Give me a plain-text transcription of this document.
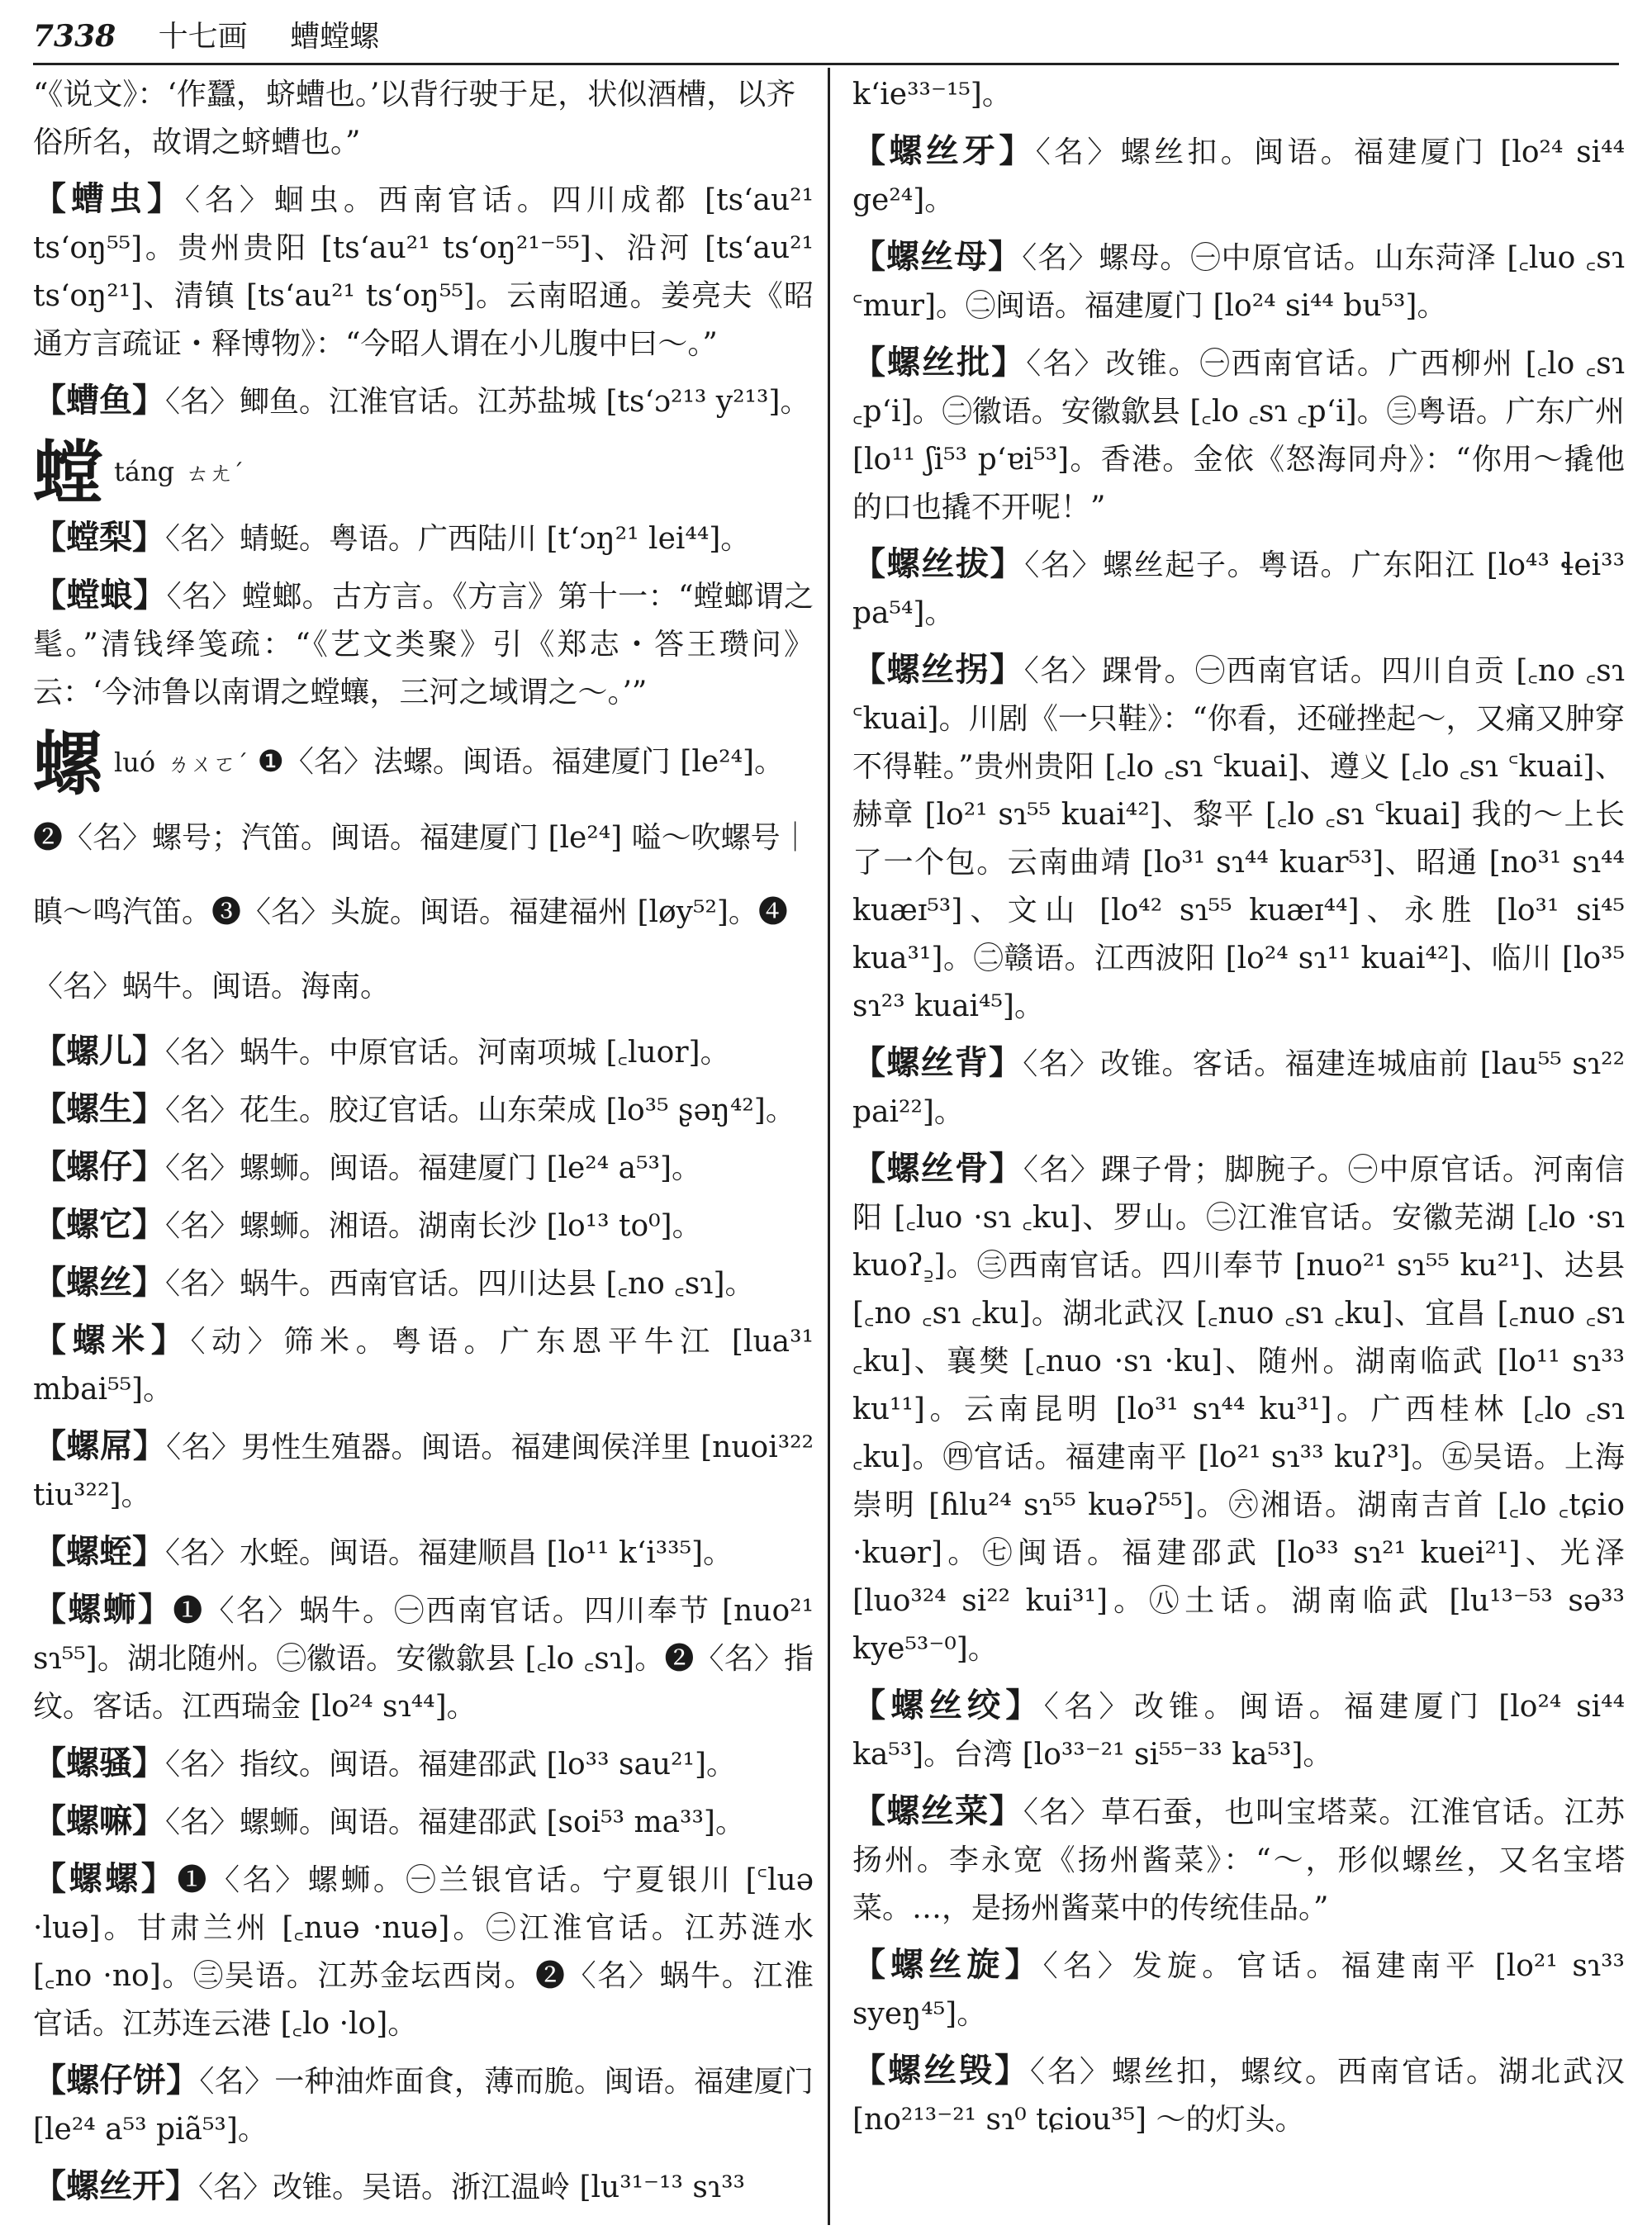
7338 十七画 螬螳螺
“《说文》：‘作蠶，蛴螬也。’以背行驶于足，状似酒槽，以齐俗所名，故谓之蛴螬也。”
【螬虫】〈名〉蛔虫。西南官话。四川成都 [ts‘au²¹ ts‘oŋ⁵⁵]。贵州贵阳 [ts‘au²¹ ts‘oŋ²¹⁻⁵⁵]、沿河 [ts‘au²¹ ts‘oŋ²¹]、清镇 [ts‘au²¹ ts‘oŋ⁵⁵]。云南昭通。姜亮夫《昭通方言疏证・释博物》：“今昭人谓在小儿腹中曰～。”
【螬鱼】〈名〉鲫鱼。江淮官话。江苏盐城 [ts‘ɔ²¹³ y²¹³]。
螳táng ㄊㄤˊ
【螳梨】〈名〉蜻蜓。粤语。广西陆川 [t‘ɔŋ²¹ lei⁴⁴]。
【螳蜋】〈名〉螳螂。古方言。《方言》第十一：“螳螂谓之髦。”清钱绎笺疏：“《艺文类聚》引《郑志・答王瓒问》云：‘今沛鲁以南谓之螳蠰，三河之域谓之～。’”
螺luó ㄌㄨㄛˊ ❶〈名〉法螺。闽语。福建厦门 [le²⁴]。❷〈名〉螺号；汽笛。闽语。福建厦门 [le²⁴] 嗌～吹螺号｜瞋～鸣汽笛。❸〈名〉头旋。闽语。福建福州 [løy⁵²]。❹〈名〉蜗牛。闽语。海南。
【螺儿】〈名〉蜗牛。中原官话。河南项城 [꜀luor]。
【螺生】〈名〉花生。胶辽官话。山东荣成 [lo³⁵ ʂəŋ⁴²]。
【螺仔】〈名〉螺蛳。闽语。福建厦门 [le²⁴ a⁵³]。
【螺它】〈名〉螺蛳。湘语。湖南长沙 [lo¹³ to⁰]。
【螺丝】〈名〉蜗牛。西南官话。四川达县 [꜀no ꜀sɿ]。
【螺米】〈动〉筛米。粤语。广东恩平牛江 [lua³¹ mbai⁵⁵]。
【螺屌】〈名〉男性生殖器。闽语。福建闽侯洋里 [nuoi³²² tiu³²²]。
【螺蛭】〈名〉水蛭。闽语。福建顺昌 [lo¹¹ k‘i³³⁵]。
【螺蛳】❶〈名〉蜗牛。㊀西南官话。四川奉节 [nuo²¹ sɿ⁵⁵]。湖北随州。㊁徽语。安徽歙县 [꜀lo ꜀sɿ]。❷〈名〉指纹。客话。江西瑞金 [lo²⁴ sɿ⁴⁴]。
【螺骚】〈名〉指纹。闽语。福建邵武 [lo³³ sau²¹]。
【螺嘛】〈名〉螺蛳。闽语。福建邵武 [soi⁵³ ma³³]。
【螺螺】❶〈名〉螺蛳。㊀兰银官话。宁夏银川 [꜂luə ·luə]。甘肃兰州 [꜀nuə ·nuə]。㊁江淮官话。江苏涟水 [꜀no ·no]。㊂吴语。江苏金坛西岗。❷〈名〉蜗牛。江淮官话。江苏连云港 [꜀lo ·lo]。
【螺仔饼】〈名〉一种油炸面食，薄而脆。闽语。福建厦门 [le²⁴ a⁵³ piã⁵³]。
【螺丝开】〈名〉改锥。吴语。浙江温岭 [lu³¹⁻¹³ sɿ³³
k‘ie³³⁻¹⁵]。
【螺丝牙】〈名〉螺丝扣。闽语。福建厦门 [lo²⁴ si⁴⁴ ge²⁴]。
【螺丝母】〈名〉螺母。㊀中原官话。山东菏泽 [꜀luo ꜀sɿ ꜂mur]。㊁闽语。福建厦门 [lo²⁴ si⁴⁴ bu⁵³]。
【螺丝批】〈名〉改锥。㊀西南官话。广西柳州 [꜀lo ꜀sɿ ꜀p‘i]。㊁徽语。安徽歙县 [꜀lo ꜀sɿ ꜀p‘i]。㊂粤语。广东广州 [lo¹¹ ʃi⁵³ p‘ɐi⁵³]。香港。金依《怒海同舟》：“你用～撬他的口也撬不开呢！”
【螺丝拔】〈名〉螺丝起子。粤语。广东阳江 [lo⁴³ ɬei³³ pa⁵⁴]。
【螺丝拐】〈名〉踝骨。㊀西南官话。四川自贡 [꜀no ꜀sɿ ꜂kuai]。川剧《一只鞋》：“你看，还碰挫起～，又痛又肿穿不得鞋。”贵州贵阳 [꜀lo ꜀sɿ ꜂kuai]、遵义 [꜀lo ꜀sɿ ꜂kuai]、赫章 [lo²¹ sɿ⁵⁵ kuai⁴²]、黎平 [꜀lo ꜀sɿ ꜂kuai] 我的～上长了一个包。云南曲靖 [lo³¹ sɿ⁴⁴ kuar⁵³]、昭通 [no³¹ sɿ⁴⁴ kuæɪ⁵³]、文山 [lo⁴² sɿ⁵⁵ kuæɪ⁴⁴]、永胜 [lo³¹ si⁴⁵ kua³¹]。㊁赣语。江西波阳 [lo²⁴ sɿ¹¹ kuai⁴²]、临川 [lo³⁵ sɿ²³ kuai⁴⁵]。
【螺丝背】〈名〉改锥。客话。福建连城庙前 [lau⁵⁵ sɿ²² pai²²]。
【螺丝骨】〈名〉踝子骨；脚腕子。㊀中原官话。河南信阳 [꜀luo ·sɿ ꜀ku]、罗山。㊁江淮官话。安徽芜湖 [꜀lo ·sɿ kuoʔ꜇]。㊂西南官话。四川奉节 [nuo²¹ sɿ⁵⁵ ku²¹]、达县 [꜀no ꜀sɿ ꜀ku]。湖北武汉 [꜀nuo ꜀sɿ ꜀ku]、宜昌 [꜀nuo ꜀sɿ ꜀ku]、襄樊 [꜀nuo ·sɿ ·ku]、随州。湖南临武 [lo¹¹ sɿ³³ ku¹¹]。云南昆明 [lo³¹ sɿ⁴⁴ ku³¹]。广西桂林 [꜀lo ꜀sɿ ꜀ku]。㊃官话。福建南平 [lo²¹ sɿ³³ kuʔ³]。㊄吴语。上海崇明 [ɦlu²⁴ sɿ⁵⁵ kuəʔ⁵⁵]。㊅湘语。湖南吉首 [꜀lo ꜀tɕio ·kuər]。㊆闽语。福建邵武 [lo³³ sɿ²¹ kuei²¹]、光泽 [luo³²⁴ si²² kui³¹]。㊇土话。湖南临武 [lu¹³⁻⁵³ sə³³ kye⁵³⁻⁰]。
【螺丝绞】〈名〉改锥。闽语。福建厦门 [lo²⁴ si⁴⁴ ka⁵³]。台湾 [lo³³⁻²¹ si⁵⁵⁻³³ ka⁵³]。
【螺丝菜】〈名〉草石蚕，也叫宝塔菜。江淮官话。江苏扬州。李永宽《扬州酱菜》：“～，形似螺丝，又名宝塔菜。…，是扬州酱菜中的传统佳品。”
【螺丝旋】〈名〉发旋。官话。福建南平 [lo²¹ sɿ³³ syeŋ⁴⁵]。
【螺丝毁】〈名〉螺丝扣，螺纹。西南官话。湖北武汉 [no²¹³⁻²¹ sɿ⁰ tɕiou³⁵] ～的灯头。
